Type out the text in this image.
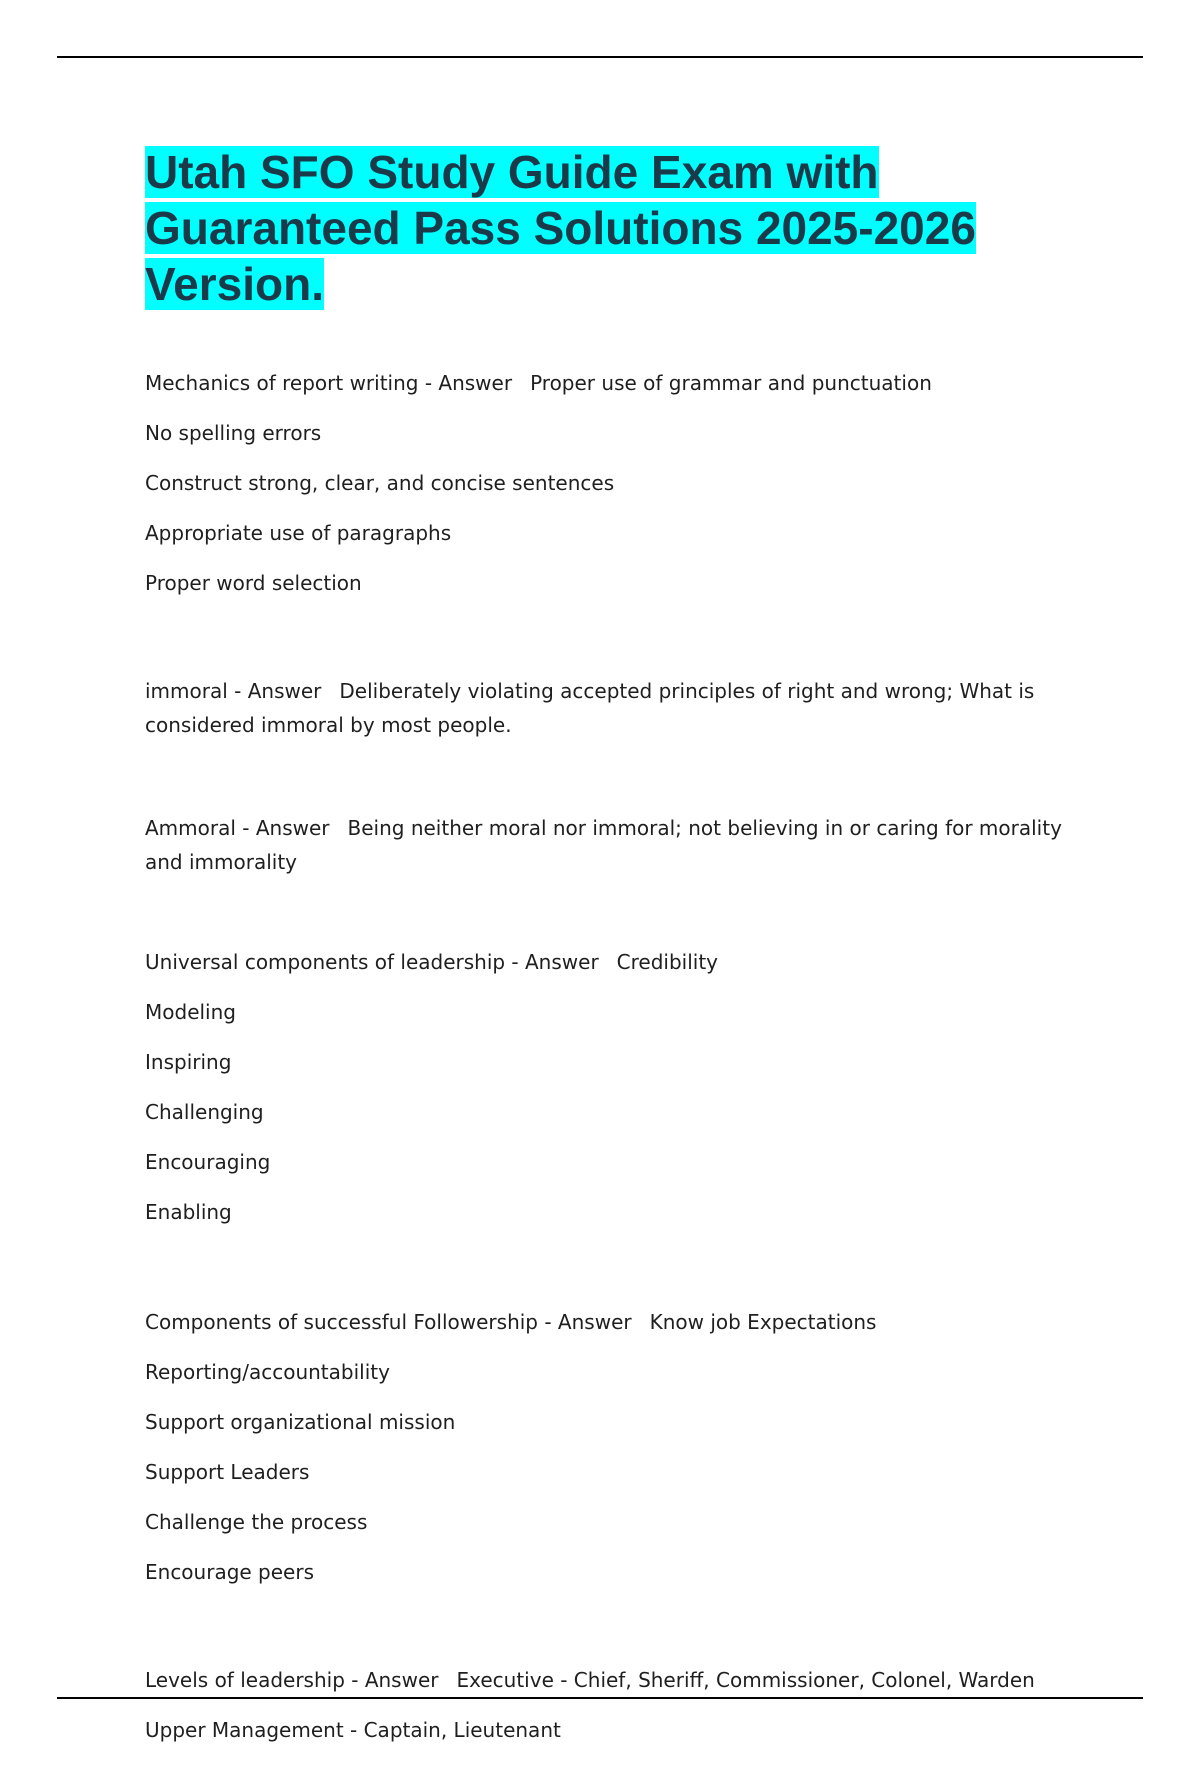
Utah SFO Study Guide Exam with Guaranteed Pass Solutions 2025-2026 Version.

Mechanics of report writing - Answer Proper use of grammar and punctuation

No spelling errors

Construct strong, clear, and concise sentences

Appropriate use of paragraphs

Proper word selection

immoral - Answer Deliberately violating accepted principles of right and wrong; What is considered immoral by most people.

Ammoral - Answer Being neither moral nor immoral; not believing in or caring for morality and immorality

Universal components of leadership - Answer Credibility

Modeling

Inspiring

Challenging

Encouraging

Enabling

Components of successful Followership - Answer Know job Expectations

Reporting/accountability

Support organizational mission

Support Leaders

Challenge the process

Encourage peers

Levels of leadership - Answer Executive - Chief, Sheriff, Commissioner, Colonel, Warden

Upper Management - Captain, Lieutenant
